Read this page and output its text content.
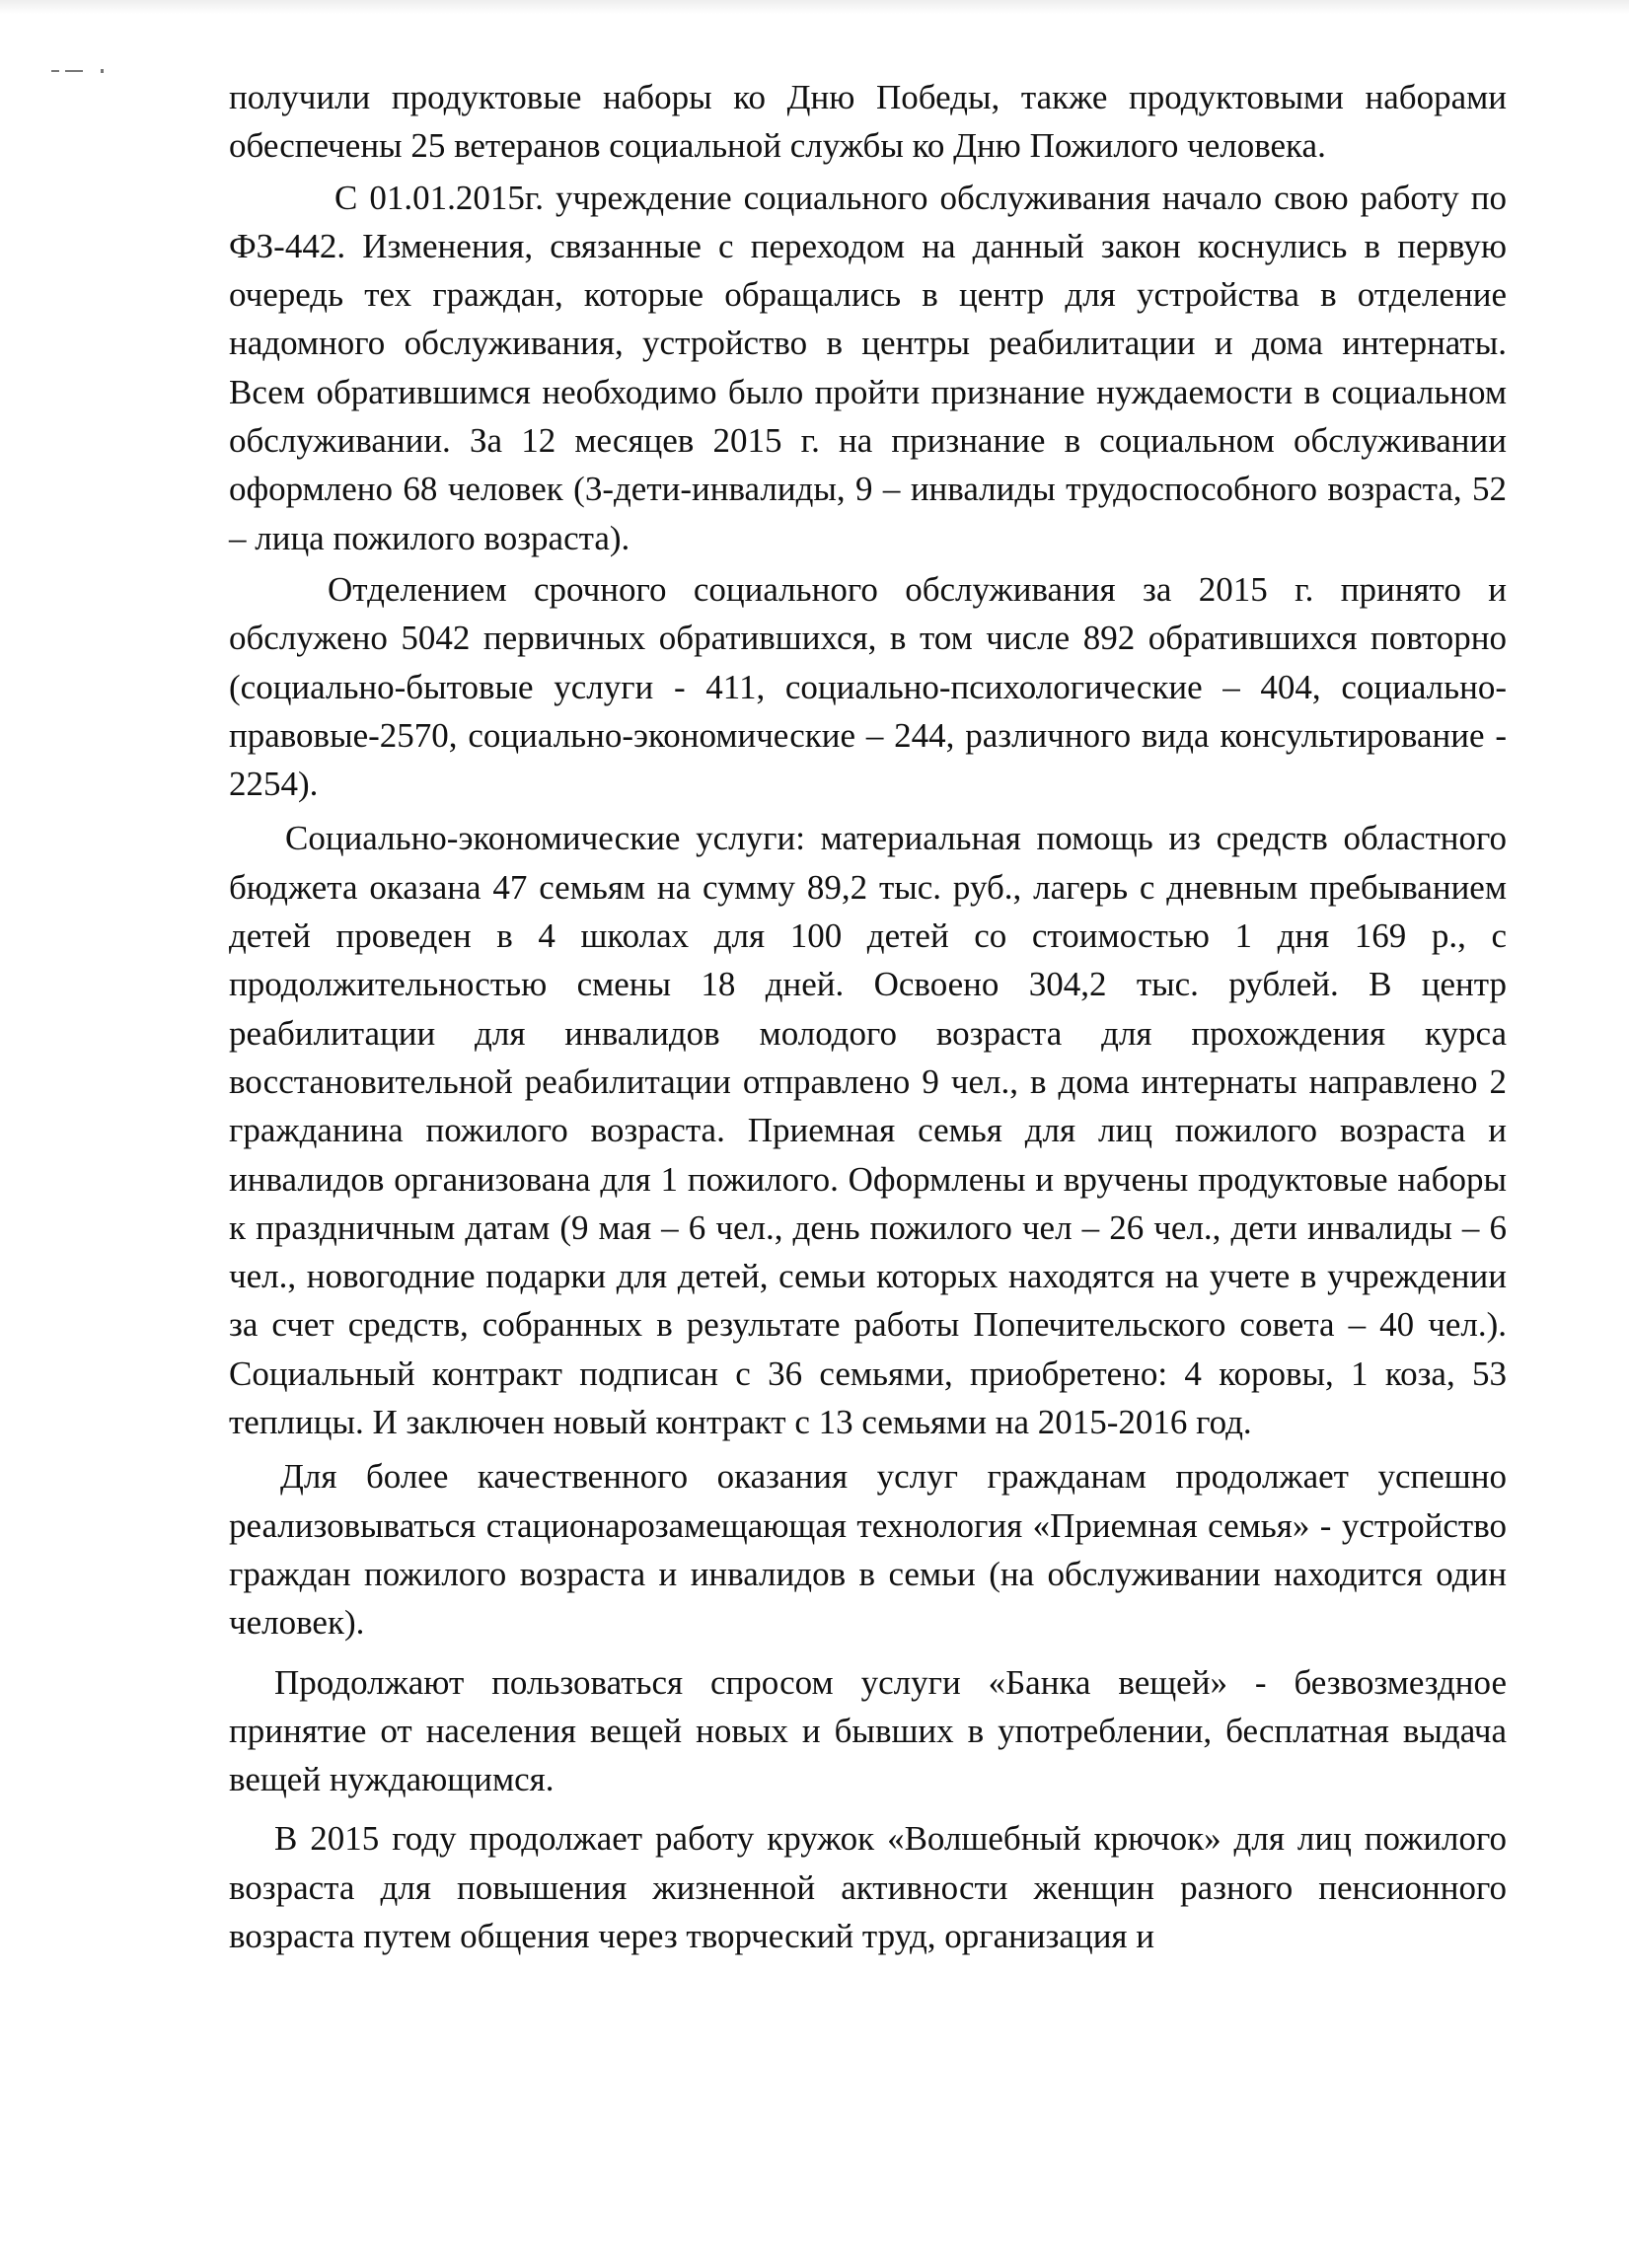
получили продуктовые наборы ко Дню Победы, также продуктовыми наборами обеспечены 25 ветеранов социальной службы ко Дню Пожилого человека.

С 01.01.2015г. учреждение социального обслуживания начало свою работу по ФЗ-442. Изменения, связанные с переходом на данный закон коснулись в первую очередь тех граждан, которые обращались в центр для устройства в отделение надомного обслуживания, устройство в центры реабилитации и дома интернаты. Всем обратившимся необходимо было пройти признание нуждаемости в социальном обслуживании. За 12 месяцев 2015 г. на признание в социальном обслуживании оформлено 68 человек (3-дети-инвалиды, 9 – инвалиды трудоспособного возраста, 52 – лица пожилого возраста).

Отделением срочного социального обслуживания за 2015 г. принято и обслужено 5042 первичных обратившихся, в том числе 892 обратившихся повторно (социально-бытовые услуги - 411, социально-психологические – 404, социально-правовые-2570, социально-экономические – 244, различного вида консультирование - 2254).

Социально-экономические услуги: материальная помощь из средств областного бюджета оказана 47 семьям на сумму 89,2 тыс. руб., лагерь с дневным пребыванием детей проведен в 4 школах для 100 детей со стоимостью 1 дня 169 р., с продолжительностью смены 18 дней. Освоено 304,2 тыс. рублей. В центр реабилитации для инвалидов молодого возраста для прохождения курса восстановительной реабилитации отправлено 9 чел., в дома интернаты направлено 2 гражданина пожилого возраста. Приемная семья для лиц пожилого возраста и инвалидов организована для 1 пожилого. Оформлены и вручены продуктовые наборы к праздничным датам (9 мая – 6 чел., день пожилого чел – 26 чел., дети инвалиды – 6 чел., новогодние подарки для детей, семьи которых находятся на учете в учреждении за счет средств, собранных в результате работы Попечительского совета – 40 чел.). Социальный контракт подписан с 36 семьями, приобретено: 4 коровы, 1 коза, 53 теплицы. И заключен новый контракт с 13 семьями на 2015-2016 год.

Для более качественного оказания услуг гражданам продолжает успешно реализовываться стационарозамещающая технология «Приемная семья» - устройство граждан пожилого возраста и инвалидов в семьи (на обслуживании находится один человек).

Продолжают пользоваться спросом услуги «Банка вещей» - безвозмездное принятие от населения вещей новых и бывших в употреблении, бесплатная выдача вещей нуждающимся.

В 2015 году продолжает работу кружок «Волшебный крючок» для лиц пожилого возраста для повышения жизненной активности женщин разного пенсионного возраста путем общения через творческий труд, организация и
